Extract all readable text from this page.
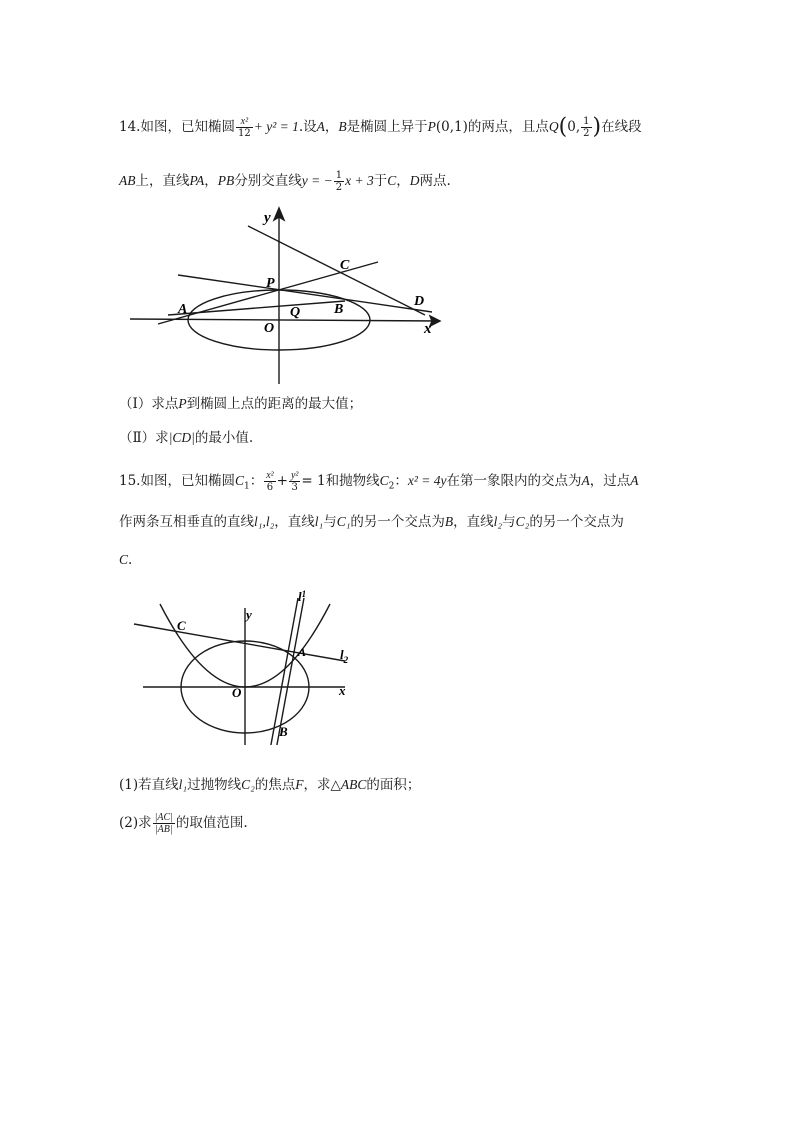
14.如图，已知椭圆 $\frac{\text{x²}}{12} + y^2 = 1$.设A，B是椭圆上异于P(0,1)的两点，且点Q(0, $\frac{1}{2}$ )在线段
AB上，直线PA，PB分别交直线y = − $\frac{1}{2}$ x + 3于C，D两点.
y
x
O
P
C
D
A	B
Q
（Ⅰ）求点P到椭圆上点的距离的最大值；
（Ⅱ）求|CD|的最小值.
15.如图，已知椭圆$C_1$： $\frac{\text{x²}}{6} + \frac{\text{y²}}{3} = 1$和抛物线$C_2$：x² = 4y在第一象限内的交点为A，过点A
作两条互相垂直的直线l₁,l₂，直线l₁与C₁的另一个交点为B，直线l₂与C₂的另一个交点为
C.
y
x
O
A
B
C
$l^1$
$l_2$
(1)若直线l₁过抛物线C₂的焦点F，求△ABC的面积；
(2)求 $\frac{|AC|}{|AB|}$ 的取值范围.
